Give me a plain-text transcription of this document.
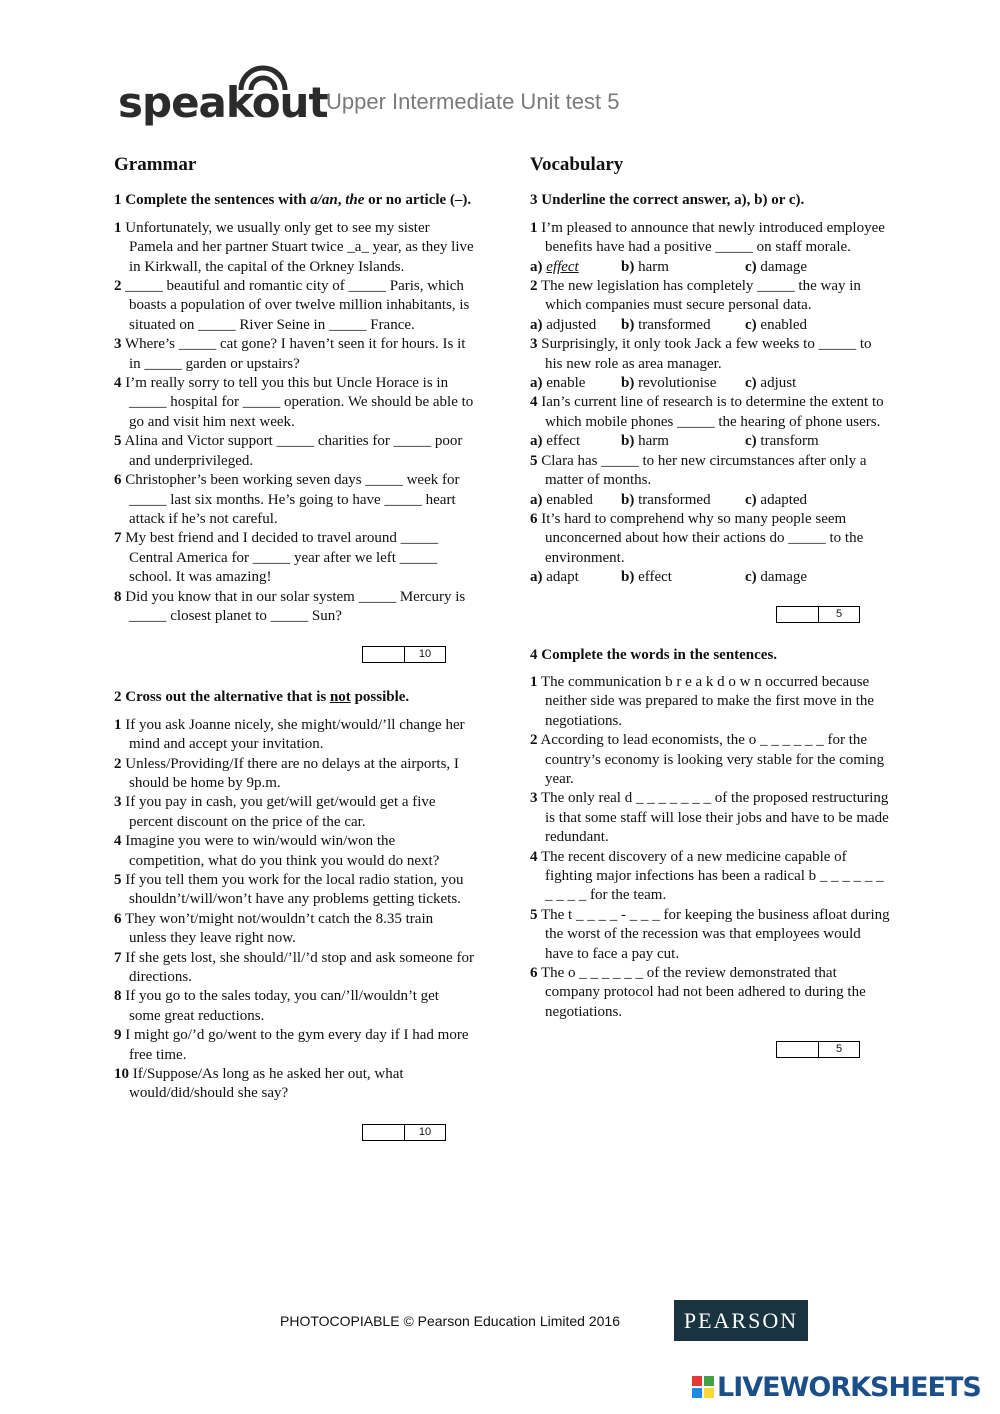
speakout
Upper Intermediate Unit test 5
Grammar

1 Complete the sentences with a/an, the or no article (–).

1 Unfortunately, we usually only get to see my sister Pamela and her partner Stuart twice _a_ year, as they live in Kirkwall, the capital of the Orkney Islands.

2 _____ beautiful and romantic city of _____ Paris, which boasts a population of over twelve million inhabitants, is situated on _____ River Seine in _____ France.

3 Where’s _____ cat gone? I haven’t seen it for hours. Is it in _____ garden or upstairs?

4 I’m really sorry to tell you this but Uncle Horace is in _____ hospital for _____ operation. We should be able to go and visit him next week.

5 Alina and Victor support _____ charities for _____ poor and underprivileged.

6 Christopher’s been working seven days _____ week for _____ last six months. He’s going to have _____ heart attack if he’s not careful.

7 My best friend and I decided to travel around _____ Central America for _____ year after we left _____ school. It was amazing!

8 Did you know that in our solar system _____ Mercury is _____ closest planet to _____ Sun?

10

2 Cross out the alternative that is not possible.

1 If you ask Joanne nicely, she might/would/’ll change her mind and accept your invitation.

2 Unless/Providing/If there are no delays at the airports, I should be home by 9p.m.

3 If you pay in cash, you get/will get/would get a five percent discount on the price of the car.

4 Imagine you were to win/would win/won the competition, what do you think you would do next?

5 If you tell them you work for the local radio station, you shouldn’t/will/won’t have any problems getting tickets.

6 They won’t/might not/wouldn’t catch the 8.35 train unless they leave right now.

7 If she gets lost, she should/’ll/’d stop and ask someone for directions.

8 If you go to the sales today, you can/’ll/wouldn’t get some great reductions.

9 I might go/’d go/went to the gym every day if I had more free time.

10 If/Suppose/As long as he asked her out, what would/did/should she say?

10
Vocabulary

3 Underline the correct answer, a), b) or c).

1 I’m pleased to announce that newly introduced employee benefits have had a positive _____ on staff morale.

a) effect	b) harm	c) damage

2 The new legislation has completely _____ the way in which companies must secure personal data.

a) adjusted	b) transformed	c) enabled

3 Surprisingly, it only took Jack a few weeks to _____ to his new role as area manager.

a) enable	b) revolutionise	c) adjust

4 Ian’s current line of research is to determine the extent to which mobile phones _____ the hearing of phone users.

a) effect	b) harm	c) transform

5 Clara has _____ to her new circumstances after only a matter of months.

a) enabled	b) transformed	c) adapted

6 It’s hard to comprehend why so many people seem unconcerned about how their actions do _____ to the environment.

a) adapt	b) effect	c) damage
5

4 Complete the words in the sentences.

1 The communication b r e a k d o w n occurred because neither side was prepared to make the first move in the negotiations.

2 According to lead economists, the o _ _ _ _ _ _ for the country’s economy is looking very stable for the coming year.

3 The only real d _ _ _ _ _ _ _ of the proposed restructuring is that some staff will lose their jobs and have to be made redundant.

4 The recent discovery of a new medicine capable of fighting major infections has been a radical b _ _ _ _ _ _ _ _ _ _ for the team.

5 The t _ _ _ _ - _ _ _ for keeping the business afloat during the worst of the recession was that employees would have to face a pay cut.

6 The o _ _ _ _ _ _ of the review demonstrated that company protocol had not been adhered to during the negotiations.

5
PHOTOCOPIABLE © Pearson Education Limited 2016	PEARSON
LIVEWORKSHEETS
